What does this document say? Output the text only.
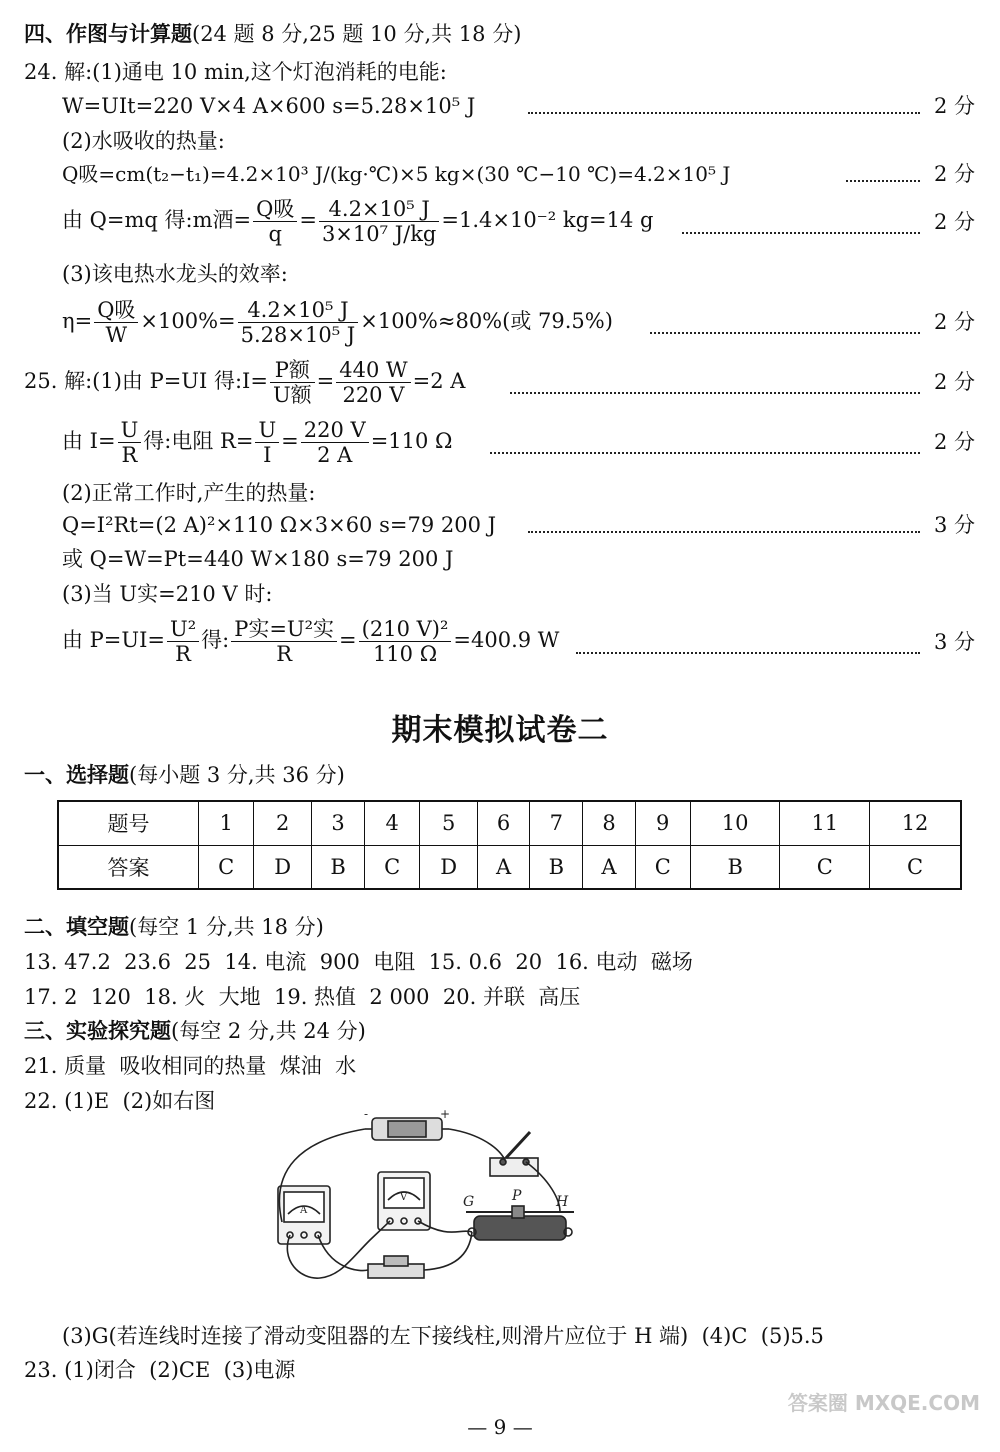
四、作图与计算题(24 题 8 分,25 题 10 分,共 18 分)
24. 解:(1)通电 10 min,这个灯泡消耗的电能:
W=UIt=220 V×4 A×600 s=5.28×10⁵ J	2 分
(2)水吸收的热量:
Q吸=cm(t₂−t₁)=4.2×10³ J/(kg·℃)×5 kg×(30 ℃−10 ℃)=4.2×10⁵ J	2 分
由 Q=mq 得:m酒= $\frac{\text{Q吸}}{q} = \frac{\text{4.2×10⁵ J}}{\text{3×10⁷ J/kg}} =1.4\times 10^{-2}$ kg=14 g	2 分
(3)该电热水龙头的效率:
$\eta= \frac{\text{Q吸}}{W} \times 100\%= \frac{\text{4.2×10⁵ J}}{\text{5.28×10⁵ J}} \times 100\%\approx 80\%$(或 79.5%)	2 分
25. 解:(1)由 P=UI 得:I= $\frac{\text{P额}}{\text{U额}} = \frac{440 W}{220 V} =2$ A	2 分
由 $I= \frac{U}{R}$ 得:电阻 $R= \frac{U}{I} = \frac{220 V}{2 A} =110$ Ω	2 分
(2)正常工作时,产生的热量:
Q=I²Rt=(2 A)²×110 Ω×3×60 s=79 200 J	3 分
或 Q=W=Pt=440 W×180 s=79 200 J
(3)当 U实=210 V 时:
由 $P=UI= \frac{\text{U²}}{R}$ 得: $\frac{\text{P实=U²实}}{R} = \frac{\text{(210 V)²}}{110 \Omega} =400.9$ W	3 分
期末模拟试卷二
一、选择题(每小题 3 分,共 36 分)
题号	1	2	3	4	5	6	7	8	9	10	11	12
答案	C	D	B	C	D	A	B	A	C	B	C	C
二、填空题(每空 1 分,共 18 分)
13. 47.2  23.6  25  14. 电流  900  电阻  15. 0.6  20  16. 电动  磁场
17. 2  120  18. 火  大地  19. 热值  2 000  20. 并联  高压
三、实验探究题(每空 2 分,共 24 分)
21. 质量  吸收相同的热量  煤油  水
22. (1)E  (2)如右图
-	+
A
V	G	P H
(3)G(若连线时连接了滑动变阻器的左下接线柱,则滑片应位于 H 端)  (4)C  (5)5.5
23. (1)闭合  (2)CE  (3)电源
— 9 —
答案圈 MXQE.COM
